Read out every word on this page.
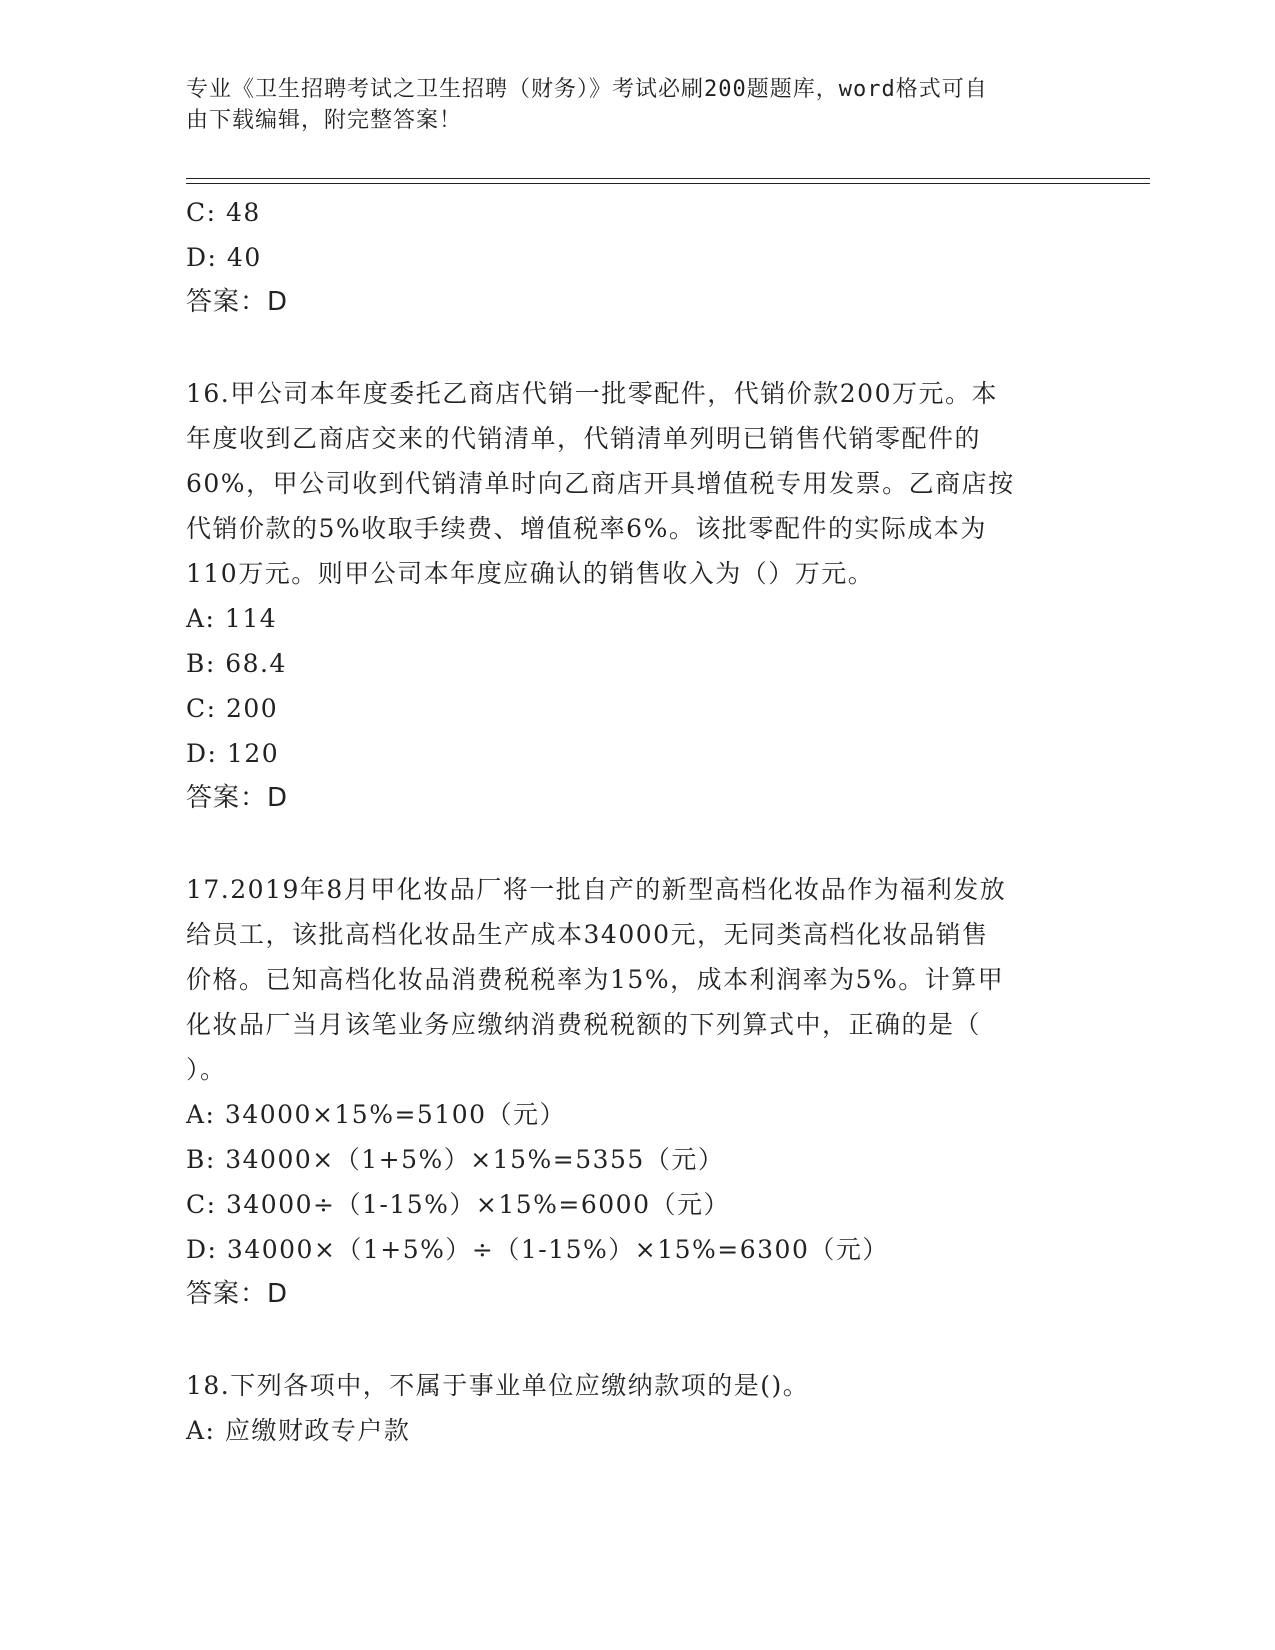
专业《卫生招聘考试之卫生招聘（财务）》考试必刷200题题库，word格式可自
由下载编辑，附完整答案！
C: 48
D: 40
答案：D
16.甲公司本年度委托乙商店代销一批零配件，代销价款200万元。本
年度收到乙商店交来的代销清单，代销清单列明已销售代销零配件的
60%，甲公司收到代销清单时向乙商店开具增值税专用发票。乙商店按
代销价款的5%收取手续费、增值税率6%。该批零配件的实际成本为
110万元。则甲公司本年度应确认的销售收入为（）万元。
A: 114
B: 68.4
C: 200
D: 120
答案：D
17.2019年8月甲化妆品厂将一批自产的新型高档化妆品作为福利发放
给员工，该批高档化妆品生产成本34000元，无同类高档化妆品销售
价格。已知高档化妆品消费税税率为15%，成本利润率为5%。计算甲
化妆品厂当月该笔业务应缴纳消费税税额的下列算式中，正确的是（
）。
A: 34000×15%=5100（元）
B: 34000×（1+5%）×15%=5355（元）
C: 34000÷（1-15%）×15%=6000（元）
D: 34000×（1+5%）÷（1-15%）×15%=6300（元）
答案：D
18.下列各项中，不属于事业单位应缴纳款项的是()。
A: 应缴财政专户款
